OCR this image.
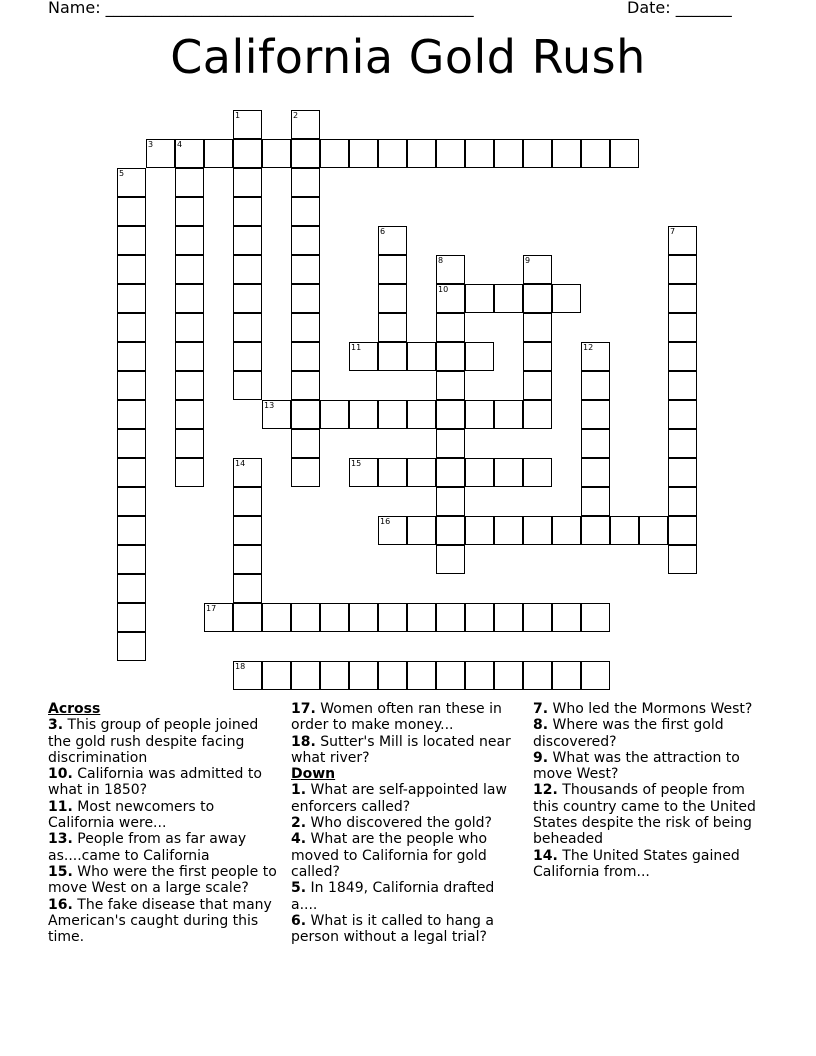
Name: ______________________________________________	Date: _______
California Gold Rush
3	4
10
11
13
15
16
17
18
1	2
5
6	7
8	9
12
14
Across
3. This group of people joined the gold rush despite facing discrimination
10. California was admitted to what in 1850?
11. Most newcomers to California were...
13. People from as far away as....came to California
15. Who were the first people to move West on a large scale?
16. The fake disease that many American's caught during this time.
17. Women often ran these in order to make money...
18. Sutter's Mill is located near what river?
Down
1. What are self-appointed law enforcers called?
2. Who discovered the gold?
4. What are the people who moved to California for gold called?
5. In 1849, California drafted a....
6. What is it called to hang a person without a legal trial?
7. Who led the Mormons West?
8. Where was the first gold discovered?
9. What was the attraction to move West?
12. Thousands of people from this country came to the United States despite the risk of being beheaded
14. The United States gained California from...
